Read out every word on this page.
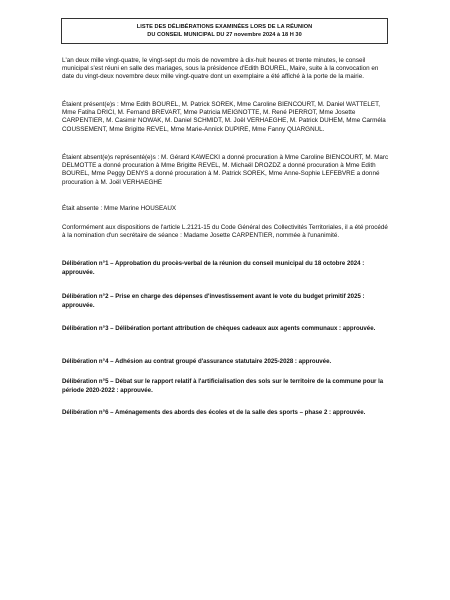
LISTE DES DÉLIBÉRATIONS EXAMINÉES LORS DE LA RÉUNION
DU CONSEIL MUNICIPAL DU 27 novembre 2024 à 18 H 30

L'an deux mille vingt-quatre, le vingt-sept du mois de novembre à dix-huit heures et trente minutes, le conseil municipal s'est réuni en salle des mariages, sous la présidence d'Edith BOUREL, Maire, suite à la convocation en date du vingt-deux novembre deux mille vingt-quatre dont un exemplaire a été affiché à la porte de la mairie.

Étaient présent(e)s : Mme Edith BOUREL, M. Patrick SOREK, Mme Caroline BIENCOURT, M. Daniel WATTELET, Mme Fatiha DRICI, M. Fernand BREVART, Mme Patricia MEIGNOTTE, M. René PIERROT, Mme Josette CARPENTIER, M. Casimir NOWAK, M. Daniel SCHMIDT, M. Joël VERHAEGHE, M. Patrick DUHEM, Mme Carméla COUSSEMENT, Mme Brigitte REVEL, Mme Marie-Annick DUPIRE, Mme Fanny QUARGNUL.

Étaient absent(e)s représenté(e)s : M. Gérard KAWECKI a donné procuration à Mme Caroline BIENCOURT, M. Marc DELMOTTE a donné procuration à Mme Brigitte REVEL, M. Michaël DROZDZ a donné procuration à Mme Edith BOUREL, Mme Peggy DENYS a donné procuration à M. Patrick SOREK, Mme Anne-Sophie LEFEBVRE a donné procuration à M. Joël VERHAEGHE

Était absente : Mme Marine HOUSEAUX

Conformément aux dispositions de l'article L.2121-15 du Code Général des Collectivités Territoriales, il a été procédé à la nomination d'un secrétaire de séance : Madame Josette CARPENTIER, nommée à l'unanimité.

Délibération n°1 – Approbation du procès-verbal de la réunion du conseil municipal du 18 octobre 2024 : approuvée.

Délibération n°2 – Prise en charge des dépenses d'investissement avant le vote du budget primitif 2025 : approuvée.

Délibération n°3 – Délibération portant attribution de chèques cadeaux aux agents communaux : approuvée.

Délibération n°4 – Adhésion au contrat groupé d'assurance statutaire 2025-2028 : approuvée.

Délibération n°5 – Débat sur le rapport relatif à l'artificialisation des sols sur le territoire de la commune pour la période 2020-2022 : approuvée.

Délibération n°6 – Aménagements des abords des écoles et de la salle des sports – phase 2 : approuvée.
